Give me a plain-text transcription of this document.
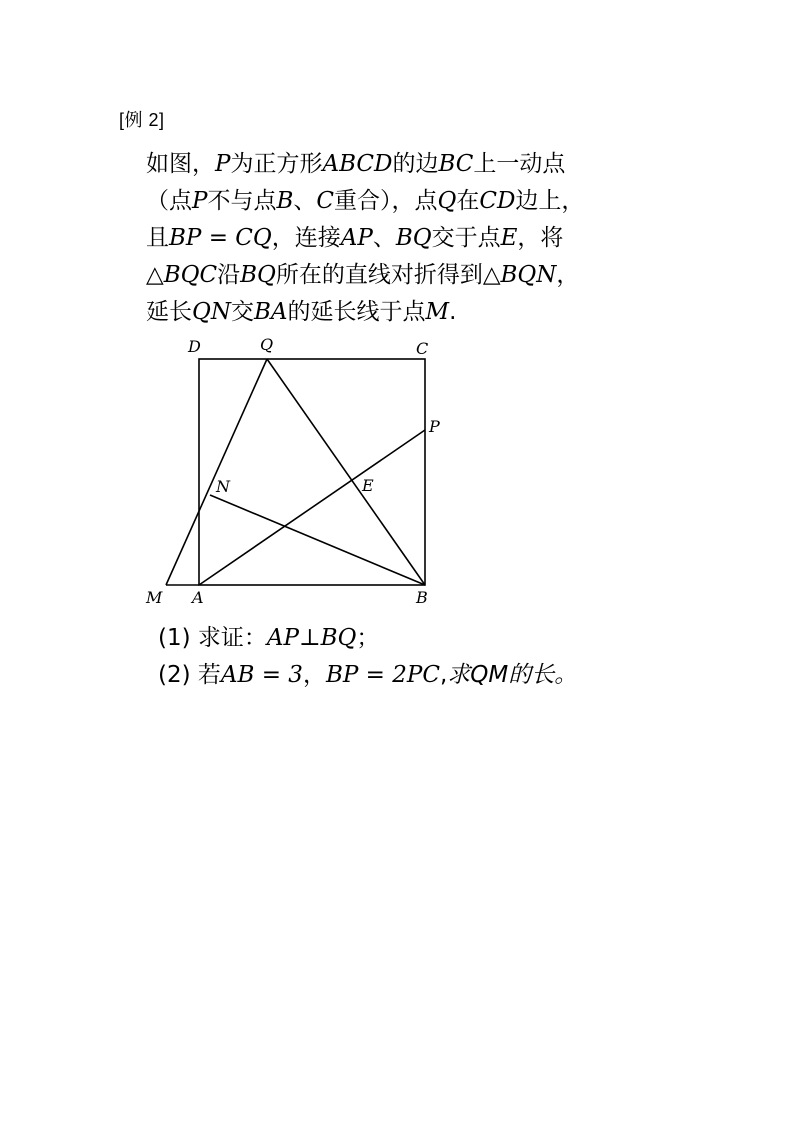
[例 2]
如图，P为正方形ABCD的边BC上一动点
（点P不与点B、C重合），点Q在CD边上，
且BP = CQ，连接AP、BQ交于点E，将
△BQC沿BQ所在的直线对折得到△BQN，
延长QN交BA的延长线于点M.
D	Q	C
P
N	E
M A	B
(1) 求证：AP⊥BQ；
(2) 若AB = 3，BP = 2PC,求QM的长。
